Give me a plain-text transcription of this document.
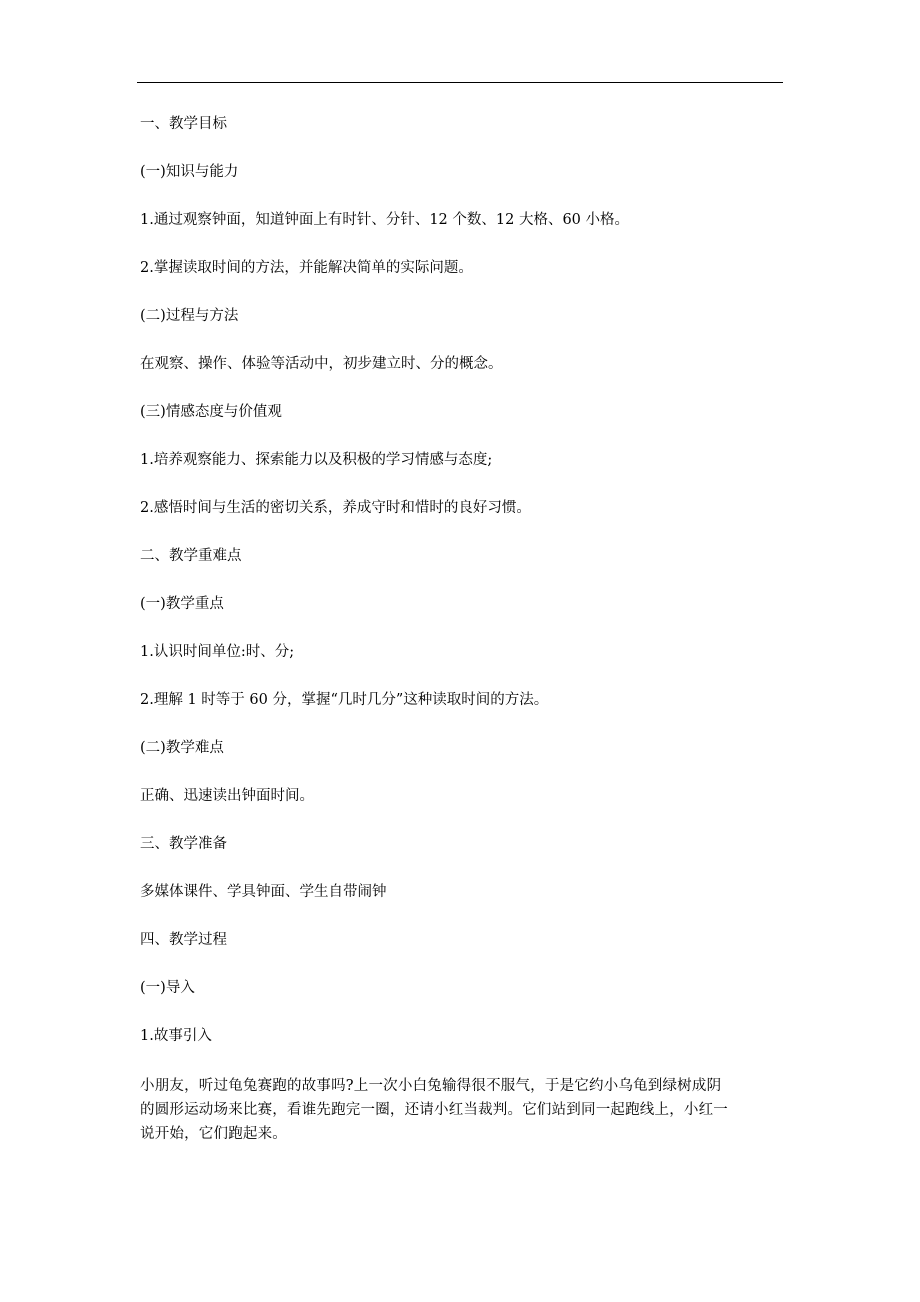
一、教学目标
(一)知识与能力
1.通过观察钟面，知道钟面上有时针、分针、12 个数、12 大格、60 小格。
2.掌握读取时间的方法，并能解决简单的实际问题。
(二)过程与方法
在观察、操作、体验等活动中，初步建立时、分的概念。
(三)情感态度与价值观
1.培养观察能力、探索能力以及积极的学习情感与态度;
2.感悟时间与生活的密切关系，养成守时和惜时的良好习惯。
二、教学重难点
(一)教学重点
1.认识时间单位:时、分;
2.理解 1 时等于 60 分，掌握“几时几分”这种读取时间的方法。
(二)教学难点
正确、迅速读出钟面时间。
三、教学准备
多媒体课件、学具钟面、学生自带闹钟
四、教学过程
(一)导入
1.故事引入
小朋友，听过龟兔赛跑的故事吗?上一次小白兔输得很不服气，于是它约小乌龟到绿树成阴
的圆形运动场来比赛，看谁先跑完一圈，还请小红当裁判。它们站到同一起跑线上，小红一
说开始，它们跑起来。
